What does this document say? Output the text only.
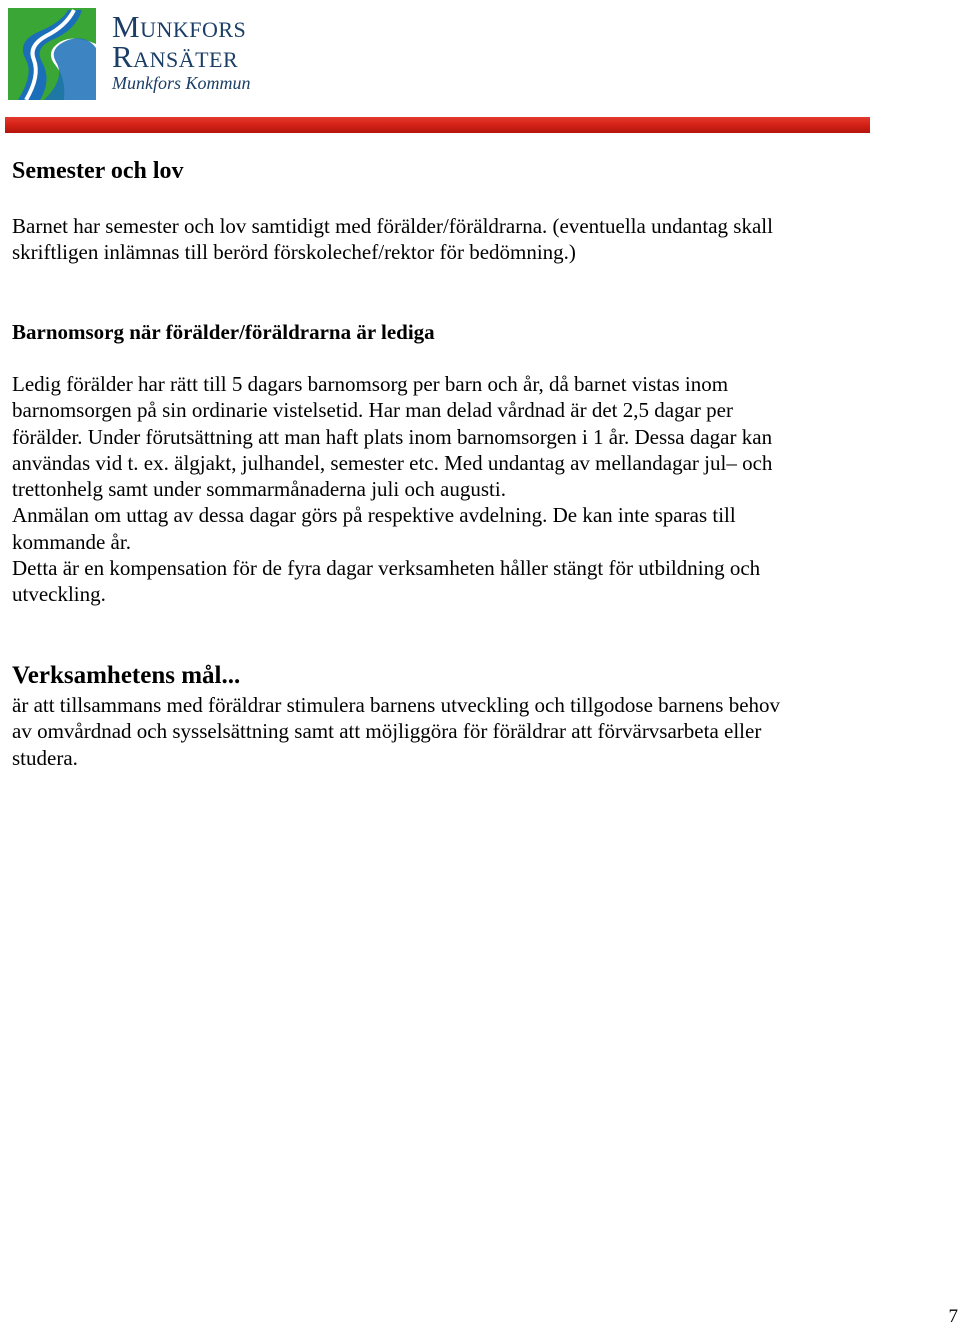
Munkfors
Ransäter
Munkfors Kommun
Semester och lov
Barnet har semester och lov samtidigt med förälder/föräldrarna. (eventuella undantag skall
skriftligen inlämnas till berörd förskolechef/rektor för bedömning.)
Barnomsorg när förälder/föräldrarna är lediga
Ledig förälder har rätt till 5 dagars barnomsorg per barn och år, då barnet vistas inom
barnomsorgen på sin ordinarie vistelsetid. Har man delad vårdnad är det 2,5 dagar per
förälder. Under förutsättning att man haft plats inom barnomsorgen i 1 år. Dessa dagar kan
användas vid t. ex. älgjakt, julhandel, semester etc. Med undantag av mellandagar jul– och
trettonhelg samt under sommarmånaderna juli och augusti.
Anmälan om uttag av dessa dagar görs på respektive avdelning. De kan inte sparas till
kommande år.
Detta är en kompensation för de fyra dagar verksamheten håller stängt för utbildning och
utveckling.
Verksamhetens mål...
är att tillsammans med föräldrar stimulera barnens utveckling och tillgodose barnens behov
av omvårdnad och sysselsättning samt att möjliggöra för föräldrar att förvärvsarbeta eller
studera.
7
